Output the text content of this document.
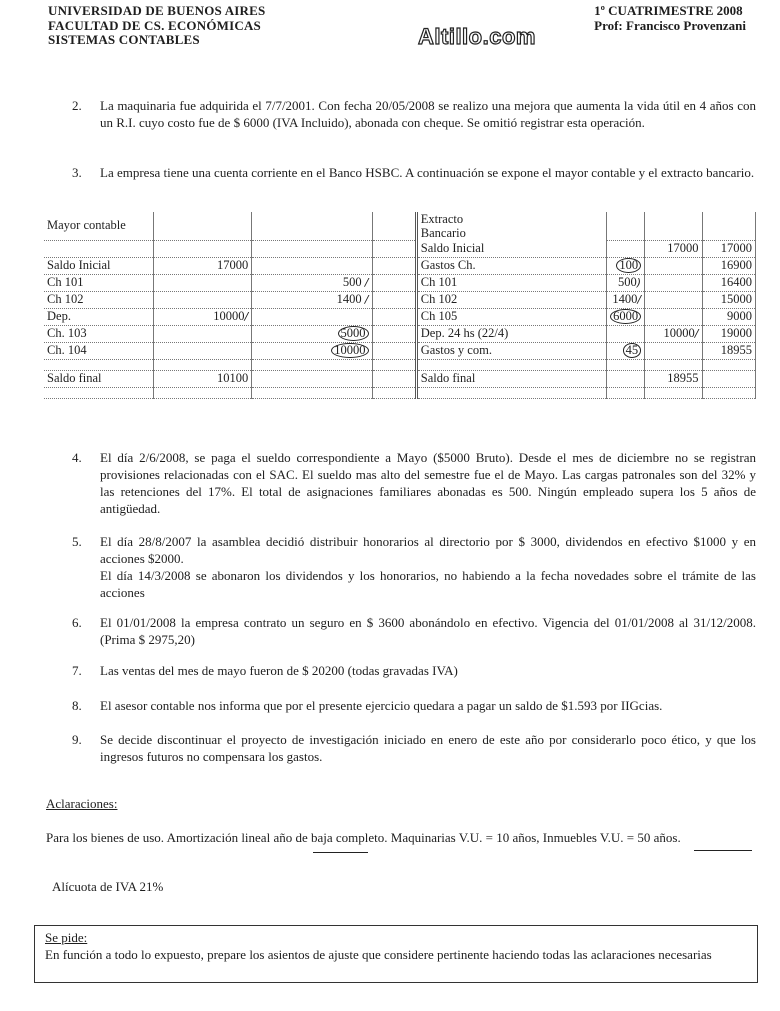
UNIVERSIDAD DE BUENOS AIRES
FACULTAD DE CS. ECONÓMICAS
SISTEMAS CONTABLES
1º CUATRIMESTRE 2008
Prof: Francisco Provenzani
Altillo.com
2. La maquinaria fue adquirida el 7/7/2001. Con fecha 20/05/2008 se realizo una mejora que aumenta la vida útil en 4 años con un R.I. cuyo costo fue de $ 6000 (IVA Incluido), abonada con cheque. Se omitió registrar esta operación.
3. La empresa tiene una cuenta corriente en el Banco HSBC. A continuación se expone el mayor contable y el extracto bancario.
Mayor contable				Extracto
Bancario			
				Saldo Inicial		17000	17000
Saldo Inicial	17000			Gastos Ch.	100		16900
Ch 101		500 /		Ch 101	500)		16400
Ch 102		1400 /		Ch 102	1400/		15000
Dep.	10000/			Ch 105	6000		9000
Ch. 103		5000		Dep. 24 hs (22/4)		10000/	19000
Ch. 104		10000		Gastos y com.	45		18955

Saldo final	10100			Saldo final		18955	

4. El día 2/6/2008, se paga el sueldo correspondiente a Mayo ($5000 Bruto). Desde el mes de diciembre no se registran provisiones relacionadas con el SAC. El sueldo mas alto del semestre fue el de Mayo. Las cargas patronales son del 32% y las retenciones del 17%. El total de asignaciones familiares abonadas es 500. Ningún empleado supera los 5 años de antigüedad.
5. El día 28/8/2007 la asamblea decidió distribuir honorarios al directorio por $ 3000, dividendos en efectivo $1000 y en acciones $2000.
El día 14/3/2008 se abonaron los dividendos y los honorarios, no habiendo a la fecha novedades sobre el trámite de las acciones
6. El 01/01/2008 la empresa contrato un seguro en $ 3600 abonándolo en efectivo. Vigencia del 01/01/2008 al 31/12/2008. (Prima $ 2975,20)
7. Las ventas del mes de mayo fueron de $ 20200 (todas gravadas IVA)
8. El asesor contable nos informa que por el presente ejercicio quedara a pagar un saldo de $1.593 por IIGcias.
9. Se decide discontinuar el proyecto de investigación iniciado en enero de este año por considerarlo poco ético, y que los ingresos futuros no compensara los gastos.
Aclaraciones:
Para los bienes de uso. Amortización lineal año de baja completo. Maquinarias V.U. = 10 años, Inmuebles V.U. = 50 años.
Alícuota de IVA 21%
Se pide:
En función a todo lo expuesto, prepare los asientos de ajuste que considere pertinente haciendo todas las aclaraciones necesarias
